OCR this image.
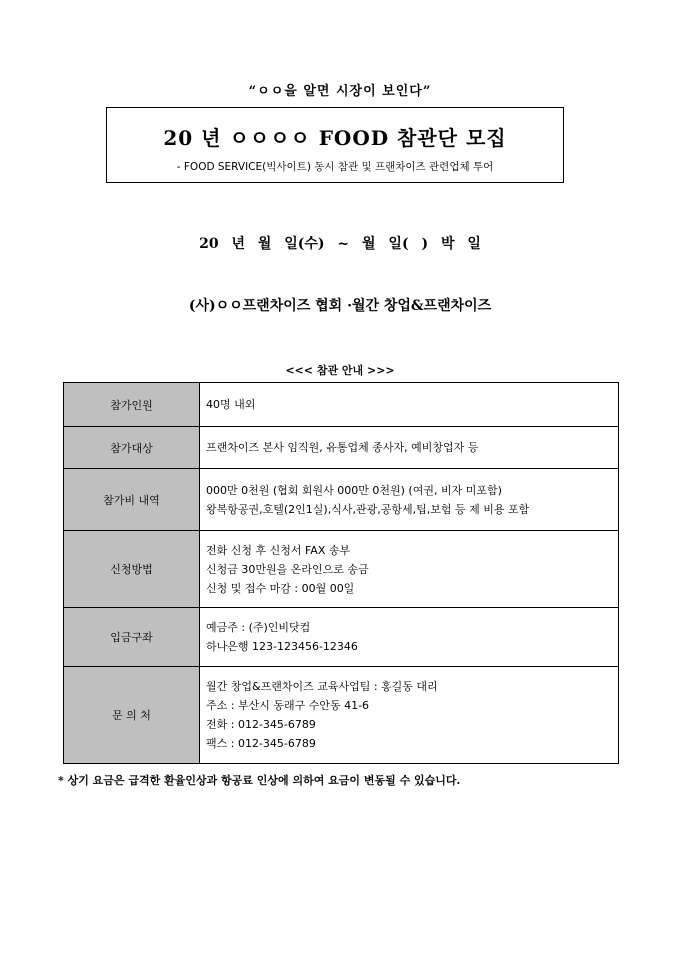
“ㅇㅇ을 알면 시장이 보인다”
20 년 ㅇㅇㅇㅇ FOOD 참관단 모집
- FOOD SERVICE(빅사이트) 동시 참관 및 프랜차이즈 관련업체 투어
20 년 월 일(수) ~ 월 일( ) 박 일
(사)ㅇㅇ프랜차이즈 협회 ·월간 창업&프랜차이즈
<<< 참관 안내 >>>
참가인원	40명 내외

참가대상	프랜차이즈 본사 임직원, 유통업체 종사자, 예비창업자 등

참가비 내역	000만 0천원 (협회 회원사 000만 0천원) (여권, 비자 미포함)
왕복항공권,호텔(2인1실),식사,관광,공항세,팁,보험 등 제 비용 포함

신청방법	전화 신청 후 신청서 FAX 송부
신청금 30만원을 온라인으로 송금
신청 및 접수 마감 : 00월 00일

입금구좌	예금주 : (주)인비닷컴
하나은행 123-123456-12346

문 의 처	월간 창업&프랜차이즈 교육사업팀 : 홍길동 대리
주소 : 부산시 동래구 수안동 41-6
전화 : 012-345-6789
팩스 : 012-345-6789
* 상기 요금은 급격한 환율인상과 항공료 인상에 의하여 요금이 변동될 수 있습니다.
